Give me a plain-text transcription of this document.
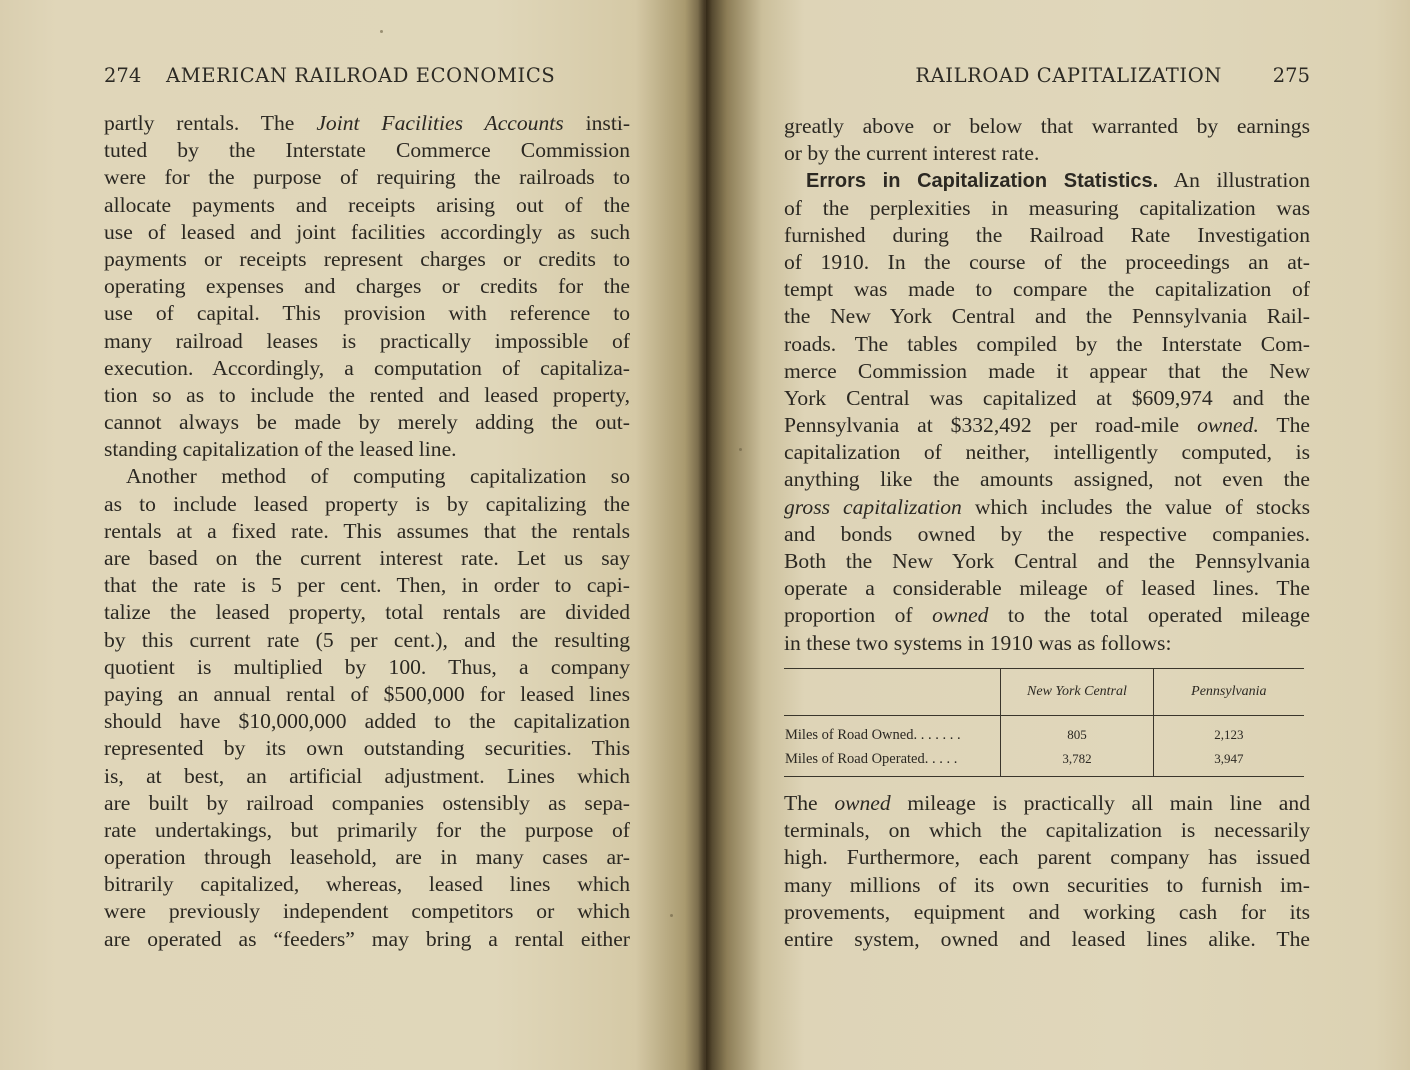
274 AMERICAN RAILROAD ECONOMICS
partly rentals. The Joint Facilities Accounts insti-
tuted by the Interstate Commerce Commission
were for the purpose of requiring the railroads to
allocate payments and receipts arising out of the
use of leased and joint facilities accordingly as such
payments or receipts represent charges or credits to
operating expenses and charges or credits for the
use of capital. This provision with reference to
many railroad leases is practically impossible of
execution. Accordingly, a computation of capitaliza-
tion so as to include the rented and leased property,
cannot always be made by merely adding the out-
standing capitalization of the leased line.
Another method of computing capitalization so
as to include leased property is by capitalizing the
rentals at a fixed rate. This assumes that the rentals
are based on the current interest rate. Let us say
that the rate is 5 per cent. Then, in order to capi-
talize the leased property, total rentals are divided
by this current rate (5 per cent.), and the resulting
quotient is multiplied by 100. Thus, a company
paying an annual rental of $500,000 for leased lines
should have $10,000,000 added to the capitalization
represented by its own outstanding securities. This
is, at best, an artificial adjustment. Lines which
are built by railroad companies ostensibly as sepa-
rate undertakings, but primarily for the purpose of
operation through leasehold, are in many cases ar-
bitrarily capitalized, whereas, leased lines which
were previously independent competitors or which
are operated as “feeders” may bring a rental either
RAILROAD CAPITALIZATION	275
greatly above or below that warranted by earnings
or by the current interest rate.
Errors in Capitalization Statistics. An illustration
of the perplexities in measuring capitalization was
furnished during the Railroad Rate Investigation
of 1910. In the course of the proceedings an at-
tempt was made to compare the capitalization of
the New York Central and the Pennsylvania Rail-
roads. The tables compiled by the Interstate Com-
merce Commission made it appear that the New
York Central was capitalized at $609,974 and the
Pennsylvania at $332,492 per road-mile owned. The
capitalization of neither, intelligently computed, is
anything like the amounts assigned, not even the
gross capitalization which includes the value of stocks
and bonds owned by the respective companies.
Both the New York Central and the Pennsylvania
operate a considerable mileage of leased lines. The
proportion of owned to the total operated mileage
in these two systems in 1910 was as follows:
	New York Central	Pennsylvania
Miles of Road Owned. . . . . . .	805	2,123
Miles of Road Operated. . . . .	3,782	3,947
The owned mileage is practically all main line and
terminals, on which the capitalization is necessarily
high. Furthermore, each parent company has issued
many millions of its own securities to furnish im-
provements, equipment and working cash for its
entire system, owned and leased lines alike. The
